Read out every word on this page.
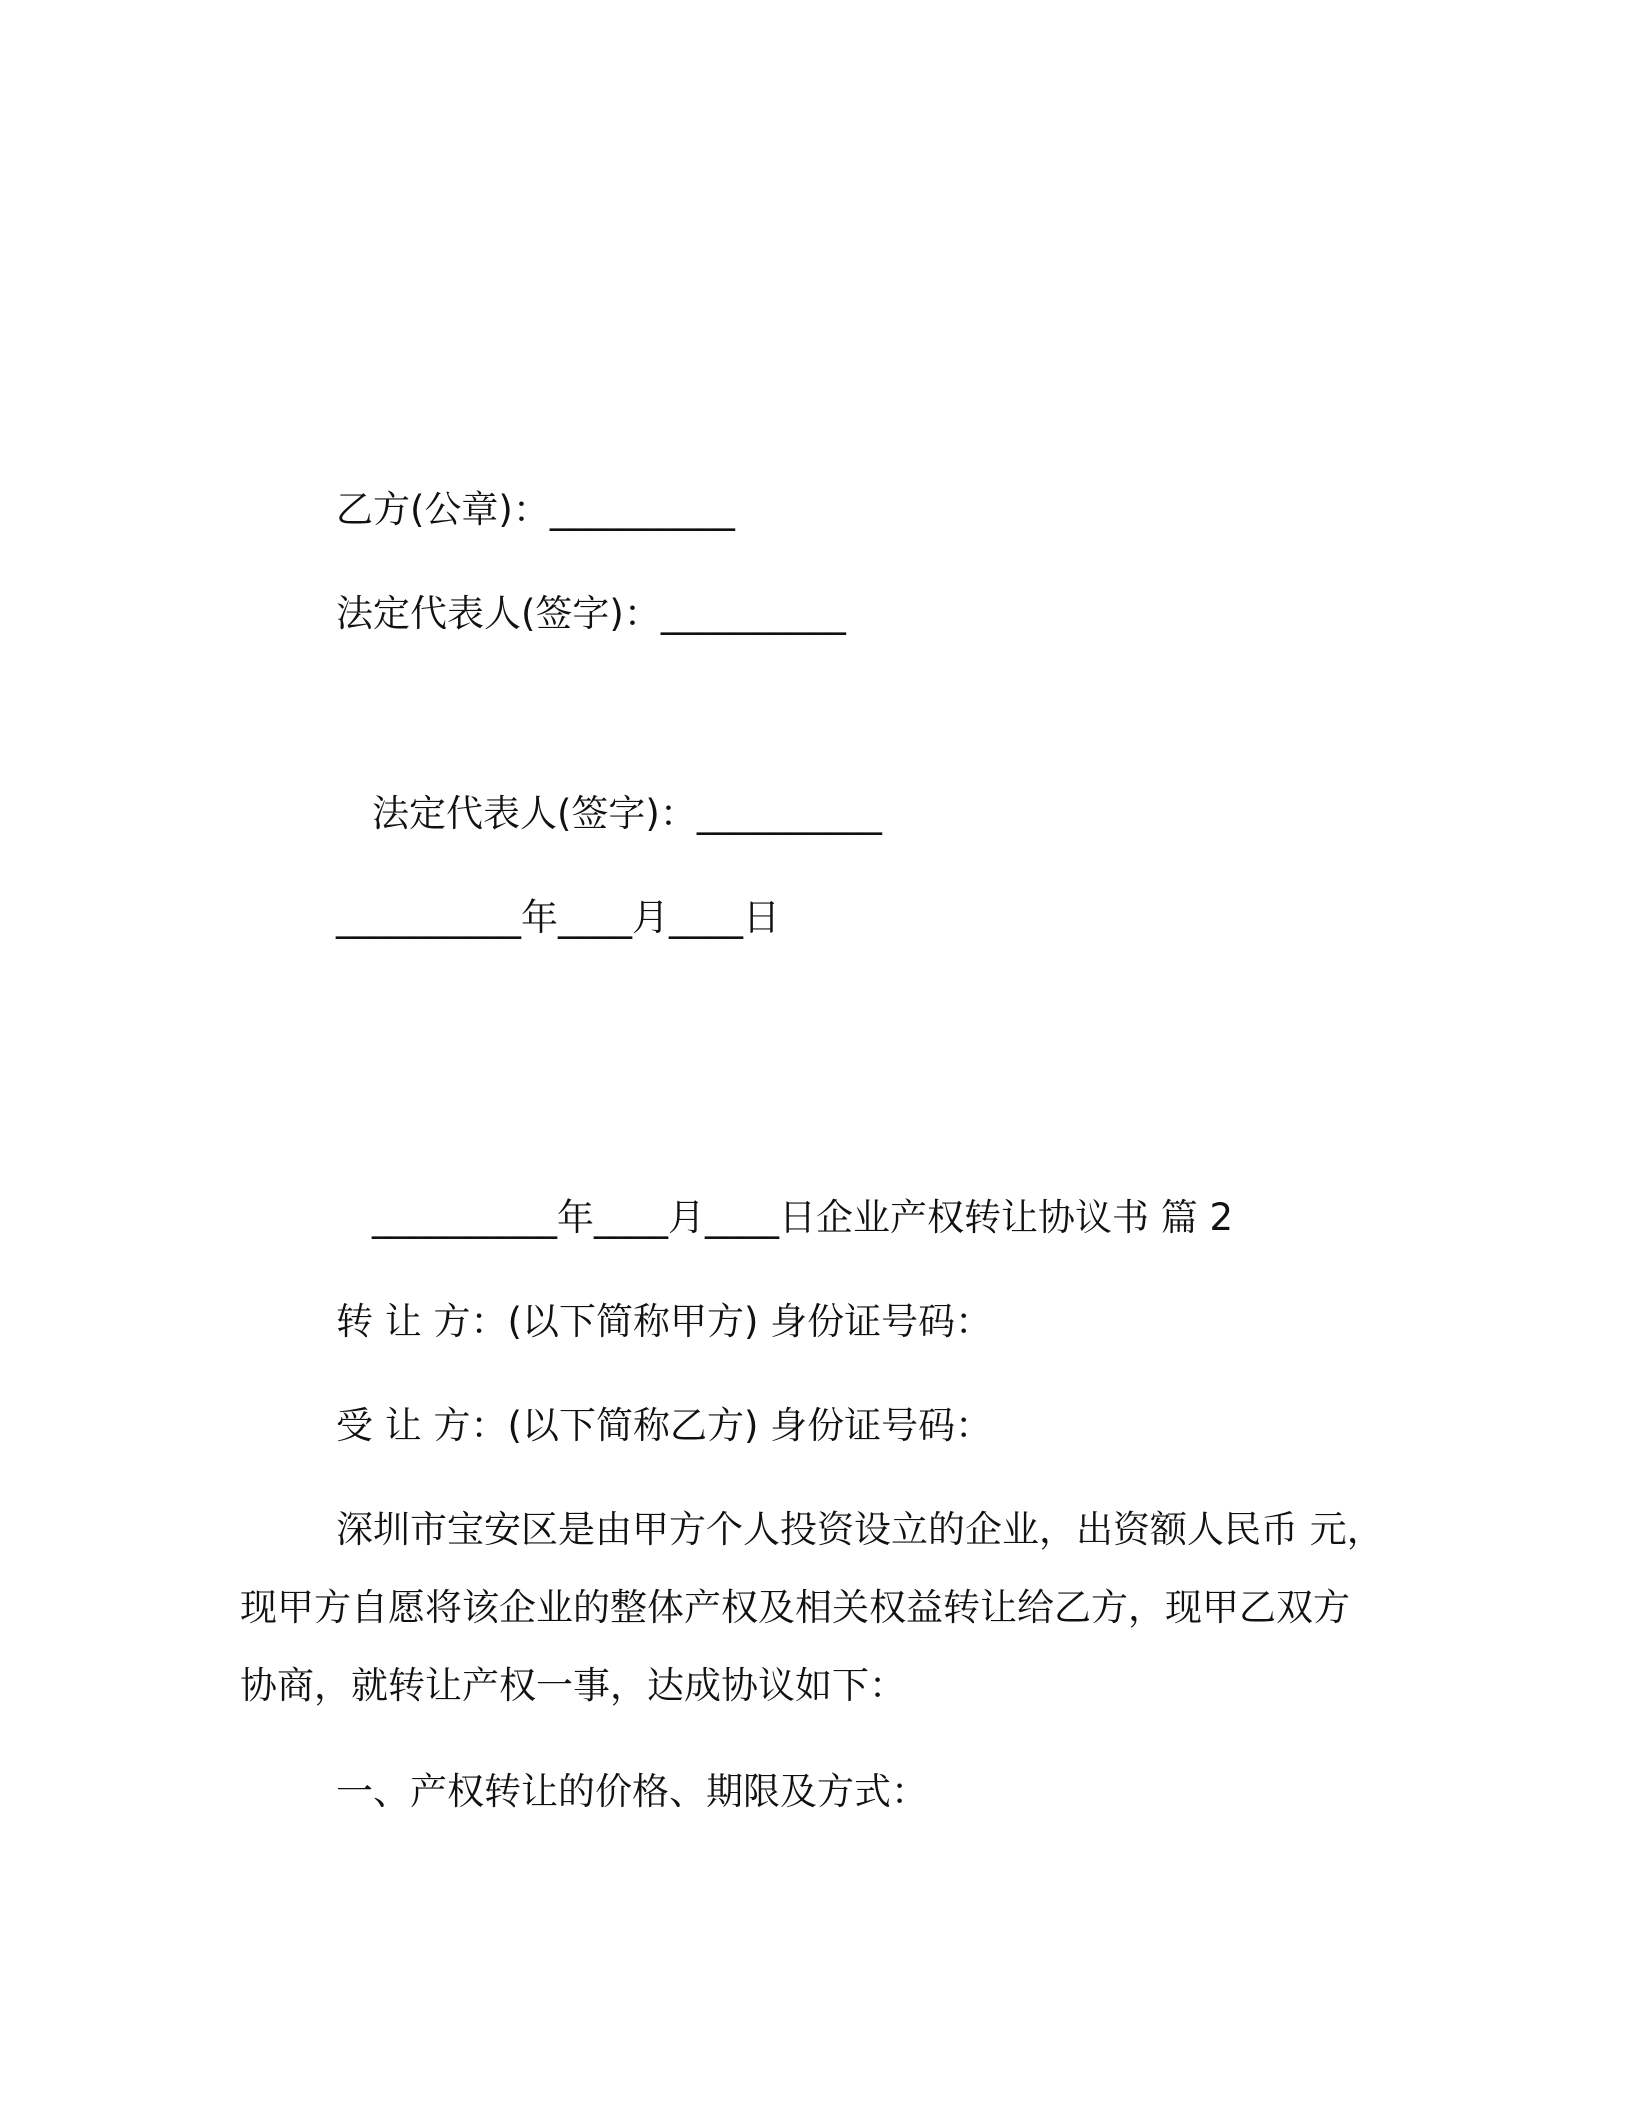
乙方(公章)：__________
法定代表人(签字)：__________
法定代表人(签字)：__________
__________年____月____日
__________年____月____日企业产权转让协议书 篇 2
转 让 方：(以下简称甲方) 身份证号码：
受 让 方：(以下简称乙方) 身份证号码：
深圳市宝安区是由甲方个人投资设立的企业，出资额人民币 元，
现甲方自愿将该企业的整体产权及相关权益转让给乙方，现甲乙双方
协商，就转让产权一事，达成协议如下：
一、产权转让的价格、期限及方式：
